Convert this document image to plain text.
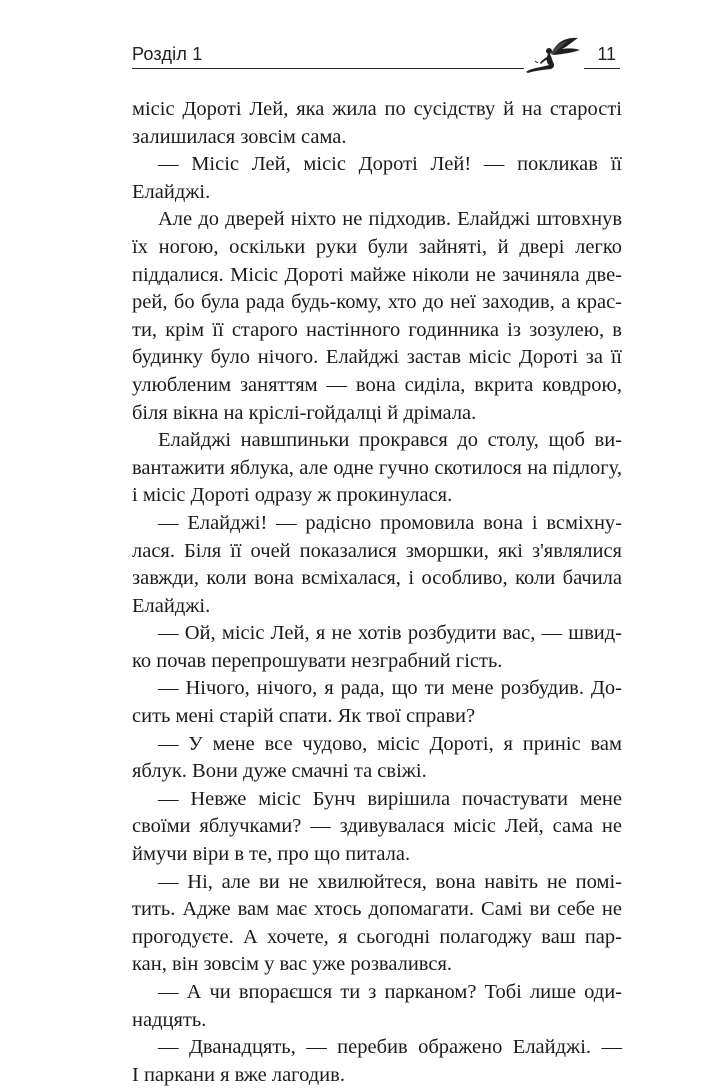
Розділ 1	11
місіс Дороті Лей, яка жила по сусідству й на старості
залишилася зовсім сама.
— Місіс Лей, місіс Дороті Лей! — покликав її
Елайджі.
Але до дверей ніхто не підходив. Елайджі штовхнув
їх ногою, оскільки руки були зайняті, й двері легко
піддалися. Місіс Дороті майже ніколи не зачиняла две-
рей, бо була рада будь-кому, хто до неї заходив, а крас-
ти, крім її старого настінного годинника із зозулею, в
будинку було нічого. Елайджі застав місіс Дороті за її
улюбленим заняттям — вона сиділа, вкрита ковдрою,
біля вікна на кріслі-гойдалці й дрімала.
Елайджі навшпиньки прокрався до столу, щоб ви-
вантажити яблука, але одне гучно скотилося на підлогу,
і місіс Дороті одразу ж прокинулася.
— Елайджі! — радісно промовила вона і всміхну-
лася. Біля її очей показалися зморшки, які з'являлися
завжди, коли вона всміхалася, і особливо, коли бачила
Елайджі.
— Ой, місіс Лей, я не хотів розбудити вас, — швид-
ко почав перепрошувати незграбний гість.
— Нічого, нічого, я рада, що ти мене розбудив. До-
сить мені старій спати. Як твої справи?
— У мене все чудово, місіс Дороті, я приніс вам
яблук. Вони дуже смачні та свіжі.
— Невже місіс Бунч вирішила почастувати мене
своїми яблучками? — здивувалася місіс Лей, сама не
ймучи віри в те, про що питала.
— Ні, але ви не хвилюйтеся, вона навіть не помі-
тить. Адже вам має хтось допомагати. Самі ви себе не
прогодуєте. А хочете, я сьогодні полагоджу ваш пар-
кан, він зовсім у вас уже розвалився.
— А чи впораєшся ти з парканом? Тобі лише оди-
надцять.
— Дванадцять, — перебив ображено Елайджі. —
І паркани я вже лагодив.
